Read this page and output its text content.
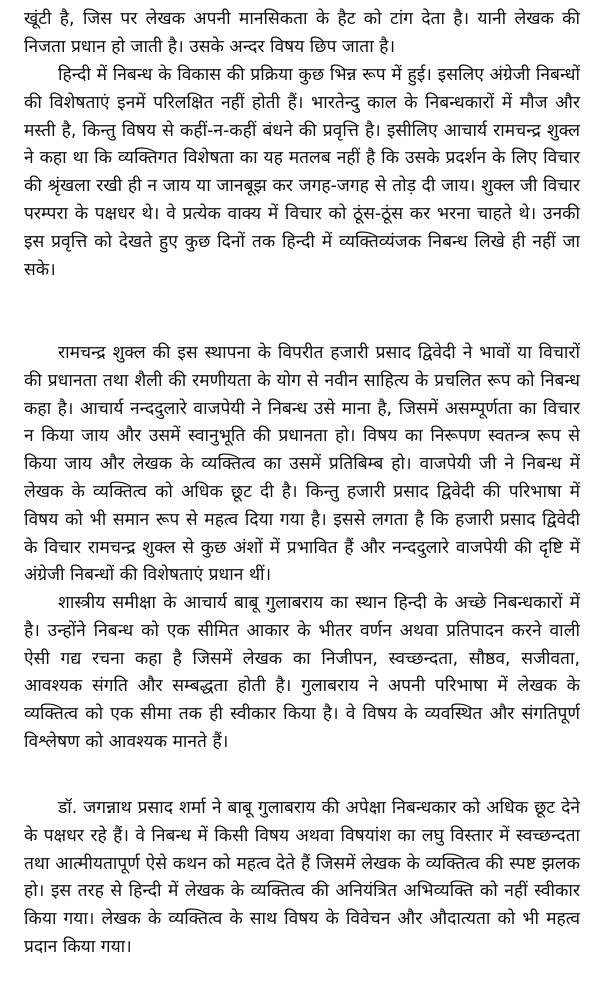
खूंटी है, जिस पर लेखक अपनी मानसिकता के हैट को टांग देता है। यानी लेखक की निजता प्रधान हो जाती है। उसके अन्दर विषय छिप जाता है।

हिन्दी में निबन्ध के विकास की प्रक्रिया कुछ भिन्न रूप में हुई। इसलिए अंग्रेजी निबन्धों की विशेषताएं इनमें परिलक्षित नहीं होती हैं। भारतेन्दु काल के निबन्धकारों में मौज और मस्ती है, किन्तु विषय से कहीं-न-कहीं बंधने की प्रवृत्ति है। इसीलिए आचार्य रामचन्द्र शुक्ल ने कहा था कि व्यक्तिगत विशेषता का यह मतलब नहीं है कि उसके प्रदर्शन के लिए विचार की श्रृंखला रखी ही न जाय या जानबूझ कर जगह-जगह से तोड़ दी जाय। शुक्ल जी विचार परम्परा के पक्षधर थे। वे प्रत्येक वाक्य में विचार को ठूंस-ठूंस कर भरना चाहते थे। उनकी इस प्रवृत्ति को देखते हुए कुछ दिनों तक हिन्दी में व्यक्तिव्यंजक निबन्ध लिखे ही नहीं जा सके।

रामचन्द्र शुक्ल की इस स्थापना के विपरीत हजारी प्रसाद द्विवेदी ने भावों या विचारों की प्रधानता तथा शैली की रमणीयता के योग से नवीन साहित्य के प्रचलित रूप को निबन्ध कहा है। आचार्य नन्ददुलारे वाजपेयी ने निबन्ध उसे माना है, जिसमें असम्पूर्णता का विचार न किया जाय और उसमें स्वानुभूति की प्रधानता हो। विषय का निरूपण स्वतन्त्र रूप से किया जाय और लेखक के व्यक्तित्व का उसमें प्रतिबिम्ब हो। वाजपेयी जी ने निबन्ध में लेखक के व्यक्तित्व को अधिक छूट दी है। किन्तु हजारी प्रसाद द्विवेदी की परिभाषा में विषय को भी समान रूप से महत्व दिया गया है। इससे लगता है कि हजारी प्रसाद द्विवेदी के विचार रामचन्द्र शुक्ल से कुछ अंशों में प्रभावित हैं और नन्ददुलारे वाजपेयी की दृष्टि में अंग्रेजी निबन्धों की विशेषताएं प्रधान थीं।

शास्त्रीय समीक्षा के आचार्य बाबू गुलाबराय का स्थान हिन्दी के अच्छे निबन्धकारों में है। उन्होंने निबन्ध को एक सीमित आकार के भीतर वर्णन अथवा प्रतिपादन करने वाली ऐसी गद्य रचना कहा है जिसमें लेखक का निजीपन, स्वच्छन्दता, सौष्ठव, सजीवता, आवश्यक संगति और सम्बद्धता होती है। गुलाबराय ने अपनी परिभाषा में लेखक के व्यक्तित्व को एक सीमा तक ही स्वीकार किया है। वे विषय के व्यवस्थित और संगतिपूर्ण विश्लेषण को आवश्यक मानते हैं।

डॉ. जगन्नाथ प्रसाद शर्मा ने बाबू गुलाबराय की अपेक्षा निबन्धकार को अधिक छूट देने के पक्षधर रहे हैं। वे निबन्ध में किसी विषय अथवा विषयांश का लघु विस्तार में स्वच्छन्दता तथा आत्मीयतापूर्ण ऐसे कथन को महत्व देते हैं जिसमें लेखक के व्यक्तित्व की स्पष्ट झलक हो। इस तरह से हिन्दी में लेखक के व्यक्तित्व की अनियंत्रित अभिव्यक्ति को नहीं स्वीकार किया गया। लेखक के व्यक्तित्व के साथ विषय के विवेचन और औदात्यता को भी महत्व प्रदान किया गया।
